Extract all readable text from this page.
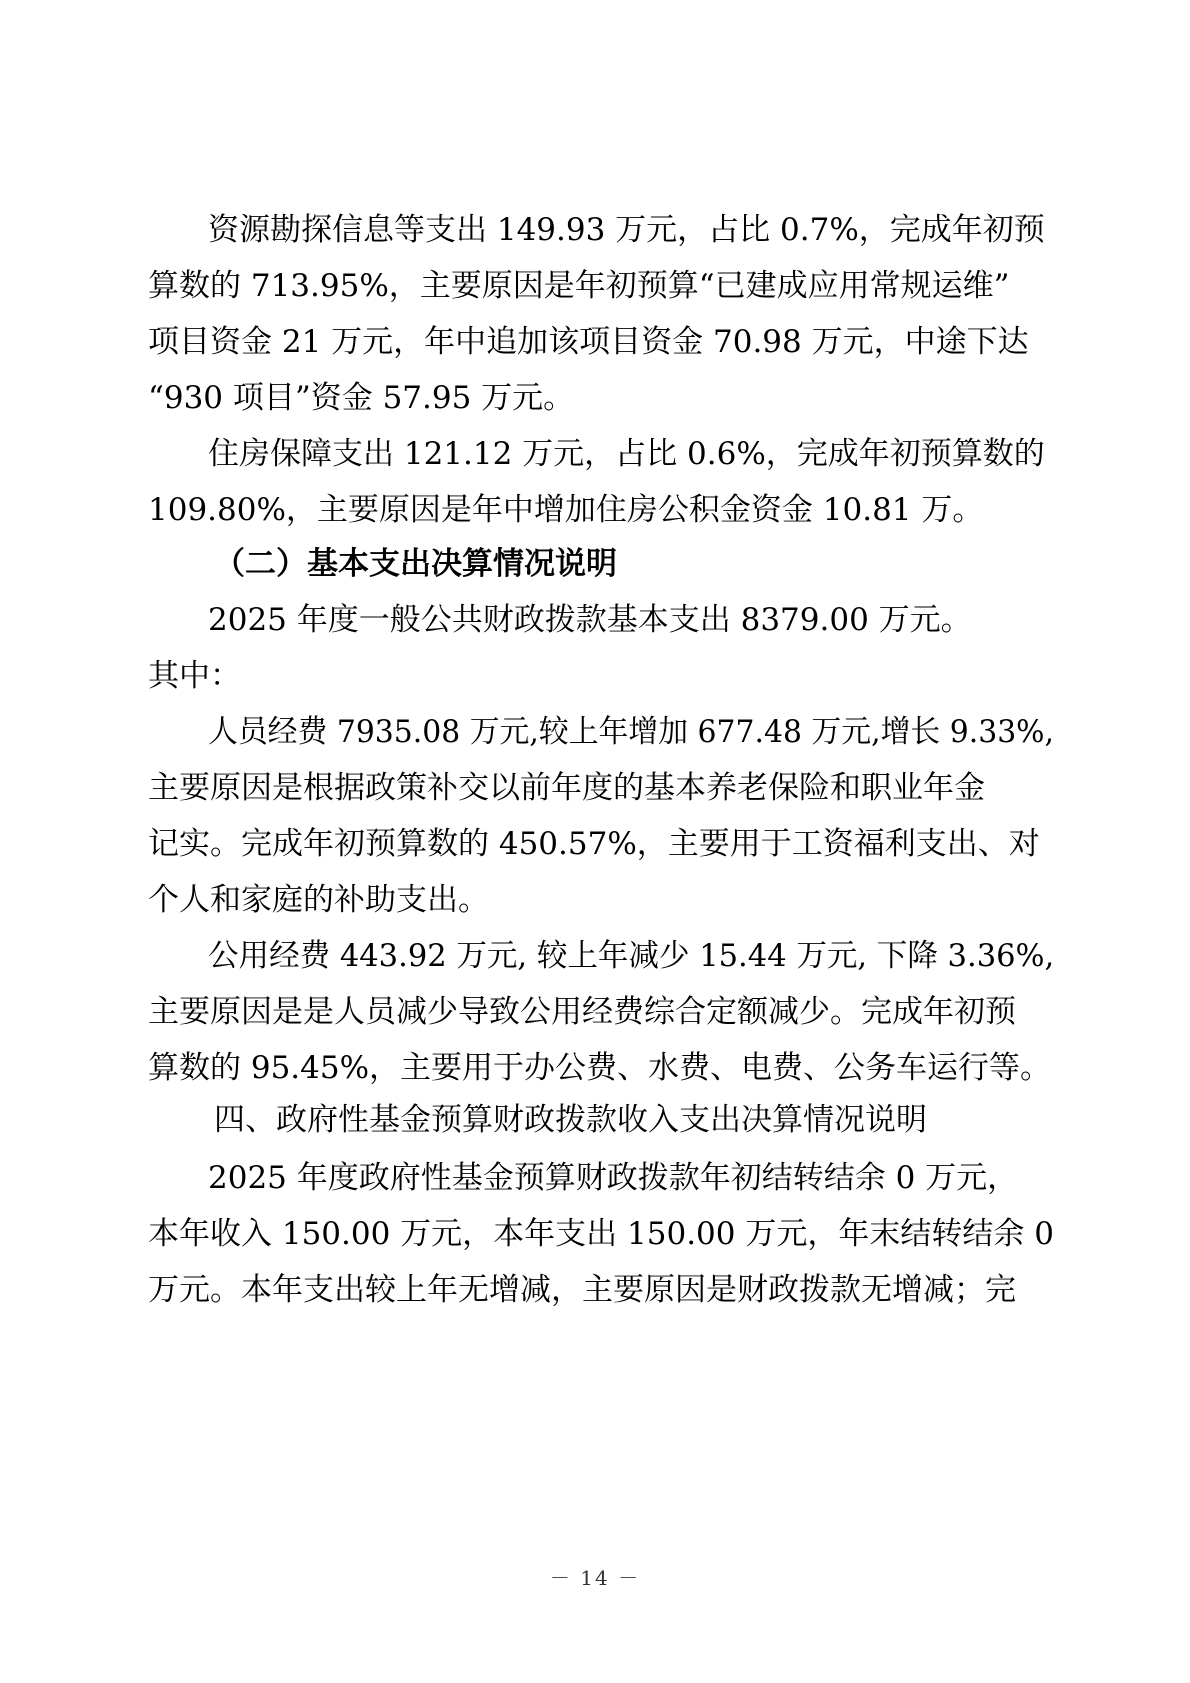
资源勘探信息等支出 149.93 万元，占比 0.7%，完成年初预
算数的 713.95%，主要原因是年初预算“已建成应用常规运维”
项目资金 21 万元，年中追加该项目资金 70.98 万元，中途下达
“930 项目”资金 57.95 万元。
住房保障支出 121.12 万元，占比 0.6%，完成年初预算数的
109.80%，主要原因是年中增加住房公积金资金 10.81 万。
（二）基本支出决算情况说明
2025 年度一般公共财政拨款基本支出 8379.00 万元。
其中：
人员经费 7935.08 万元,较上年增加 677.48 万元,增长 9.33%,
主要原因是根据政策补交以前年度的基本养老保险和职业年金
记实。完成年初预算数的 450.57%，主要用于工资福利支出、对
个人和家庭的补助支出。
公用经费 443.92 万元, 较上年减少 15.44 万元, 下降 3.36%,
主要原因是是人员减少导致公用经费综合定额减少。完成年初预
算数的 95.45%，主要用于办公费、水费、电费、公务车运行等。
四、政府性基金预算财政拨款收入支出决算情况说明
2025 年度政府性基金预算财政拨款年初结转结余 0 万元，
本年收入 150.00 万元，本年支出 150.00 万元，年末结转结余 0
万元。本年支出较上年无增减，主要原因是财政拨款无增减；完
－ 14 －
